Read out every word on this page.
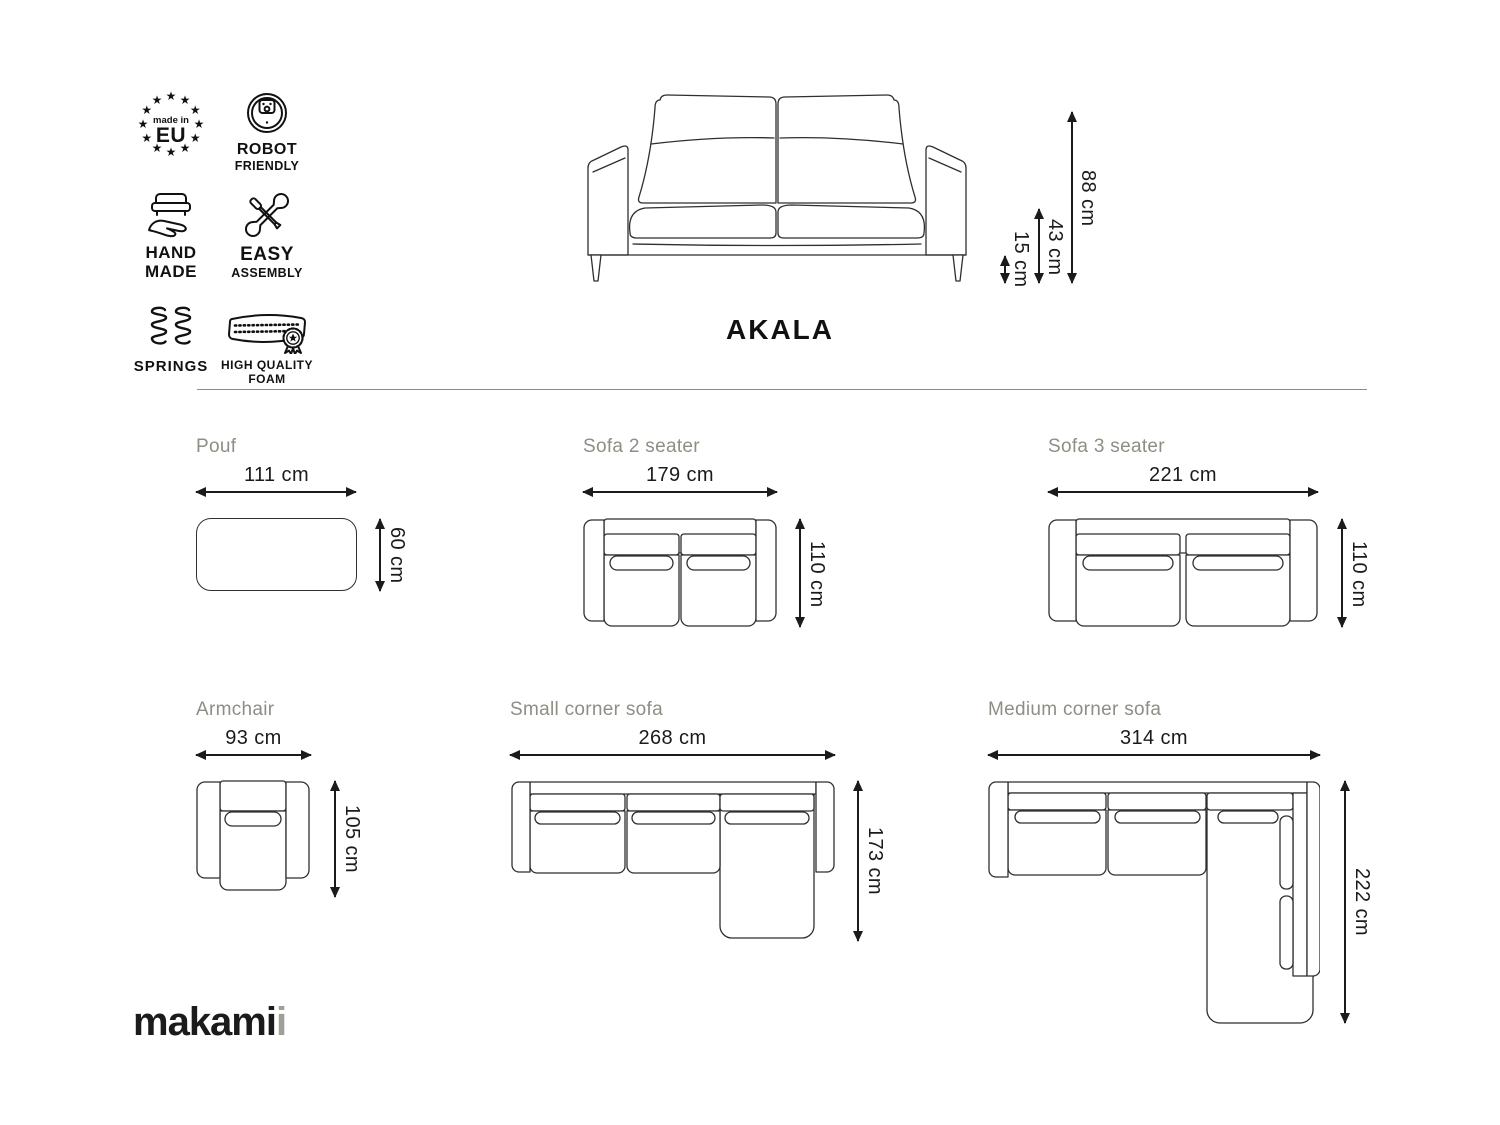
★ ★
★
★
★
★
★
★
★
★
★
★
made in
EU
ROBOT
FRIENDLY
HAND
MADE
EASY
ASSEMBLY
SPRINGS HIGH QUALITY
FOAM
15 cm 43 cm
88 cm
AKALA
Pouf
111 cm
60 cm
Sofa 2 seater
179 cm
110 cm
Sofa 3 seater
221 cm
110 cm
Armchair
93 cm
105 cm
Small corner sofa
268 cm
173 cm
Medium corner sofa
314 cm
222 cm
makamii
